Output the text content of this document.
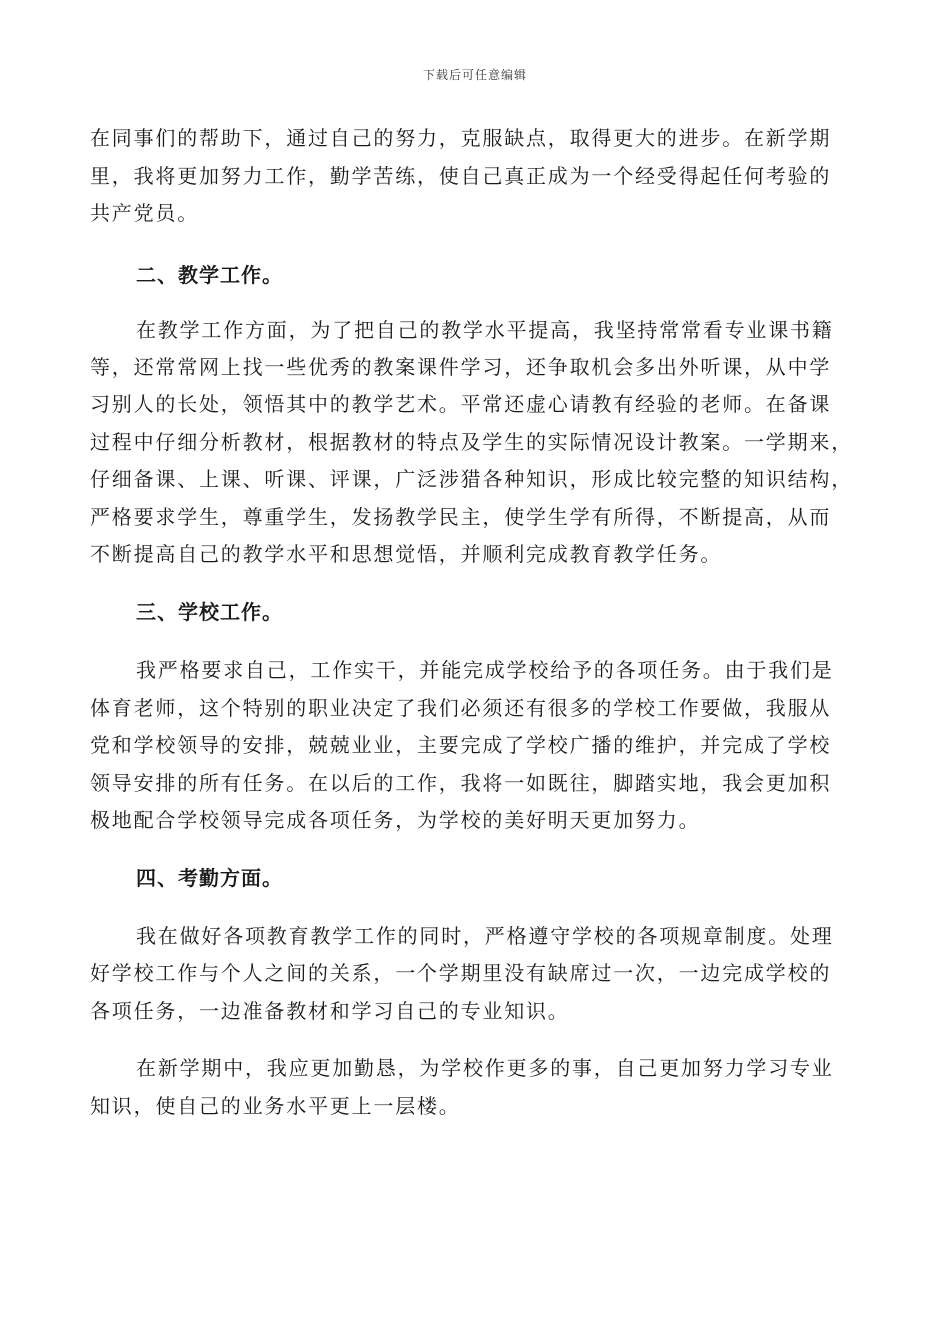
下载后可任意编辑
在同事们的帮助下，通过自己的努力，克服缺点，取得更大的进步。在新学期
里，我将更加努力工作，勤学苦练，使自己真正成为一个经受得起任何考验的
共产党员。
二、教学工作。
在教学工作方面，为了把自己的教学水平提高，我坚持常常看专业课书籍
等，还常常网上找一些优秀的教案课件学习，还争取机会多出外听课，从中学
习别人的长处，领悟其中的教学艺术。平常还虚心请教有经验的老师。在备课
过程中仔细分析教材，根据教材的特点及学生的实际情况设计教案。一学期来，
仔细备课、上课、听课、评课，广泛涉猎各种知识，形成比较完整的知识结构，
严格要求学生，尊重学生，发扬教学民主，使学生学有所得，不断提高，从而
不断提高自己的教学水平和思想觉悟，并顺利完成教育教学任务。
三、学校工作。
我严格要求自己，工作实干，并能完成学校给予的各项任务。由于我们是
体育老师，这个特别的职业决定了我们必须还有很多的学校工作要做，我服从
党和学校领导的安排，兢兢业业，主要完成了学校广播的维护，并完成了学校
领导安排的所有任务。在以后的工作，我将一如既往，脚踏实地，我会更加积
极地配合学校领导完成各项任务，为学校的美好明天更加努力。
四、考勤方面。
我在做好各项教育教学工作的同时，严格遵守学校的各项规章制度。处理
好学校工作与个人之间的关系，一个学期里没有缺席过一次，一边完成学校的
各项任务，一边准备教材和学习自己的专业知识。
在新学期中，我应更加勤恳，为学校作更多的事，自己更加努力学习专业
知识，使自己的业务水平更上一层楼。
